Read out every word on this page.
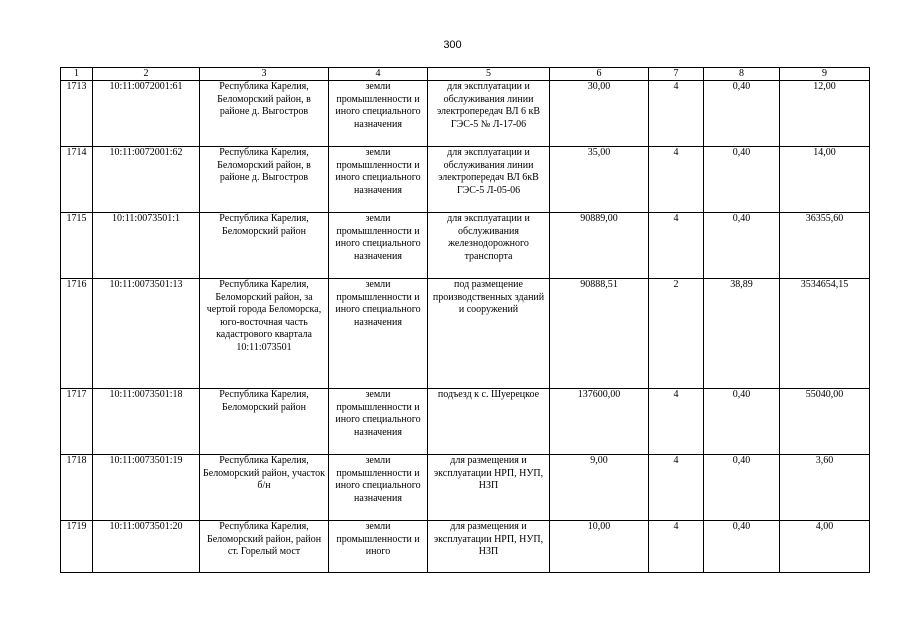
300
1	2	3	4	5	6	7	8	9
1713	10:11:0072001:61	Республика Карелия, Беломорский район, в районе д. Выгостров	земли промышленности и иного специального назначения	для эксплуатации и обслуживания линии электропередач ВЛ 6 кВ ГЭС-5 № Л-17-06	30,00	4	0,40	12,00
1714	10:11:0072001:62	Республика Карелия, Беломорский район, в районе д. Выгостров	земли промышленности и иного специального назначения	для эксплуатации и обслуживания линии электропередач ВЛ 6кВ ГЭС-5 Л-05-06	35,00	4	0,40	14,00
1715	10:11:0073501:1	Республика Карелия, Беломорский район	земли промышленности и иного специального назначения	для эксплуатации и обслуживания железнодорожного транспорта	90889,00	4	0,40	36355,60
1716	10:11:0073501:13	Республика Карелия, Беломорский район, за чертой города Беломорска, юго-восточная часть кадастрового квартала 10:11:073501	земли промышленности и иного специального назначения	под размещение производственных зданий и сооружений	90888,51	2	38,89	3534654,15
1717	10:11:0073501:18	Республика Карелия, Беломорский район	земли промышленности и иного специального назначения	подъезд к с. Шуерецкое	137600,00	4	0,40	55040,00
1718	10:11:0073501:19	Республика Карелия, Беломорский район, участок б/н	земли промышленности и иного специального назначения	для размещения и эксплуатации НРП, НУП, НЗП	9,00	4	0,40	3,60
1719	10:11:0073501:20	Республика Карелия, Беломорский район, район ст. Горелый мост	земли промышленности и иного	для размещения и эксплуатации НРП, НУП, НЗП	10,00	4	0,40	4,00
